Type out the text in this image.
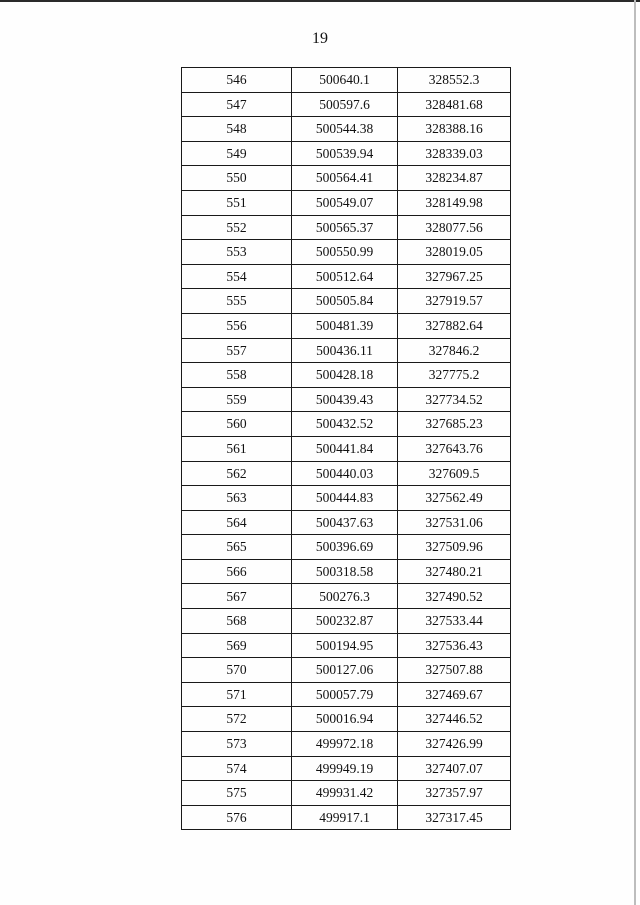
19
546	500640.1	328552.3
547	500597.6	328481.68
548	500544.38	328388.16
549	500539.94	328339.03
550	500564.41	328234.87
551	500549.07	328149.98
552	500565.37	328077.56
553	500550.99	328019.05
554	500512.64	327967.25
555	500505.84	327919.57
556	500481.39	327882.64
557	500436.11	327846.2
558	500428.18	327775.2
559	500439.43	327734.52
560	500432.52	327685.23
561	500441.84	327643.76
562	500440.03	327609.5
563	500444.83	327562.49
564	500437.63	327531.06
565	500396.69	327509.96
566	500318.58	327480.21
567	500276.3	327490.52
568	500232.87	327533.44
569	500194.95	327536.43
570	500127.06	327507.88
571	500057.79	327469.67
572	500016.94	327446.52
573	499972.18	327426.99
574	499949.19	327407.07
575	499931.42	327357.97
576	499917.1	327317.45
